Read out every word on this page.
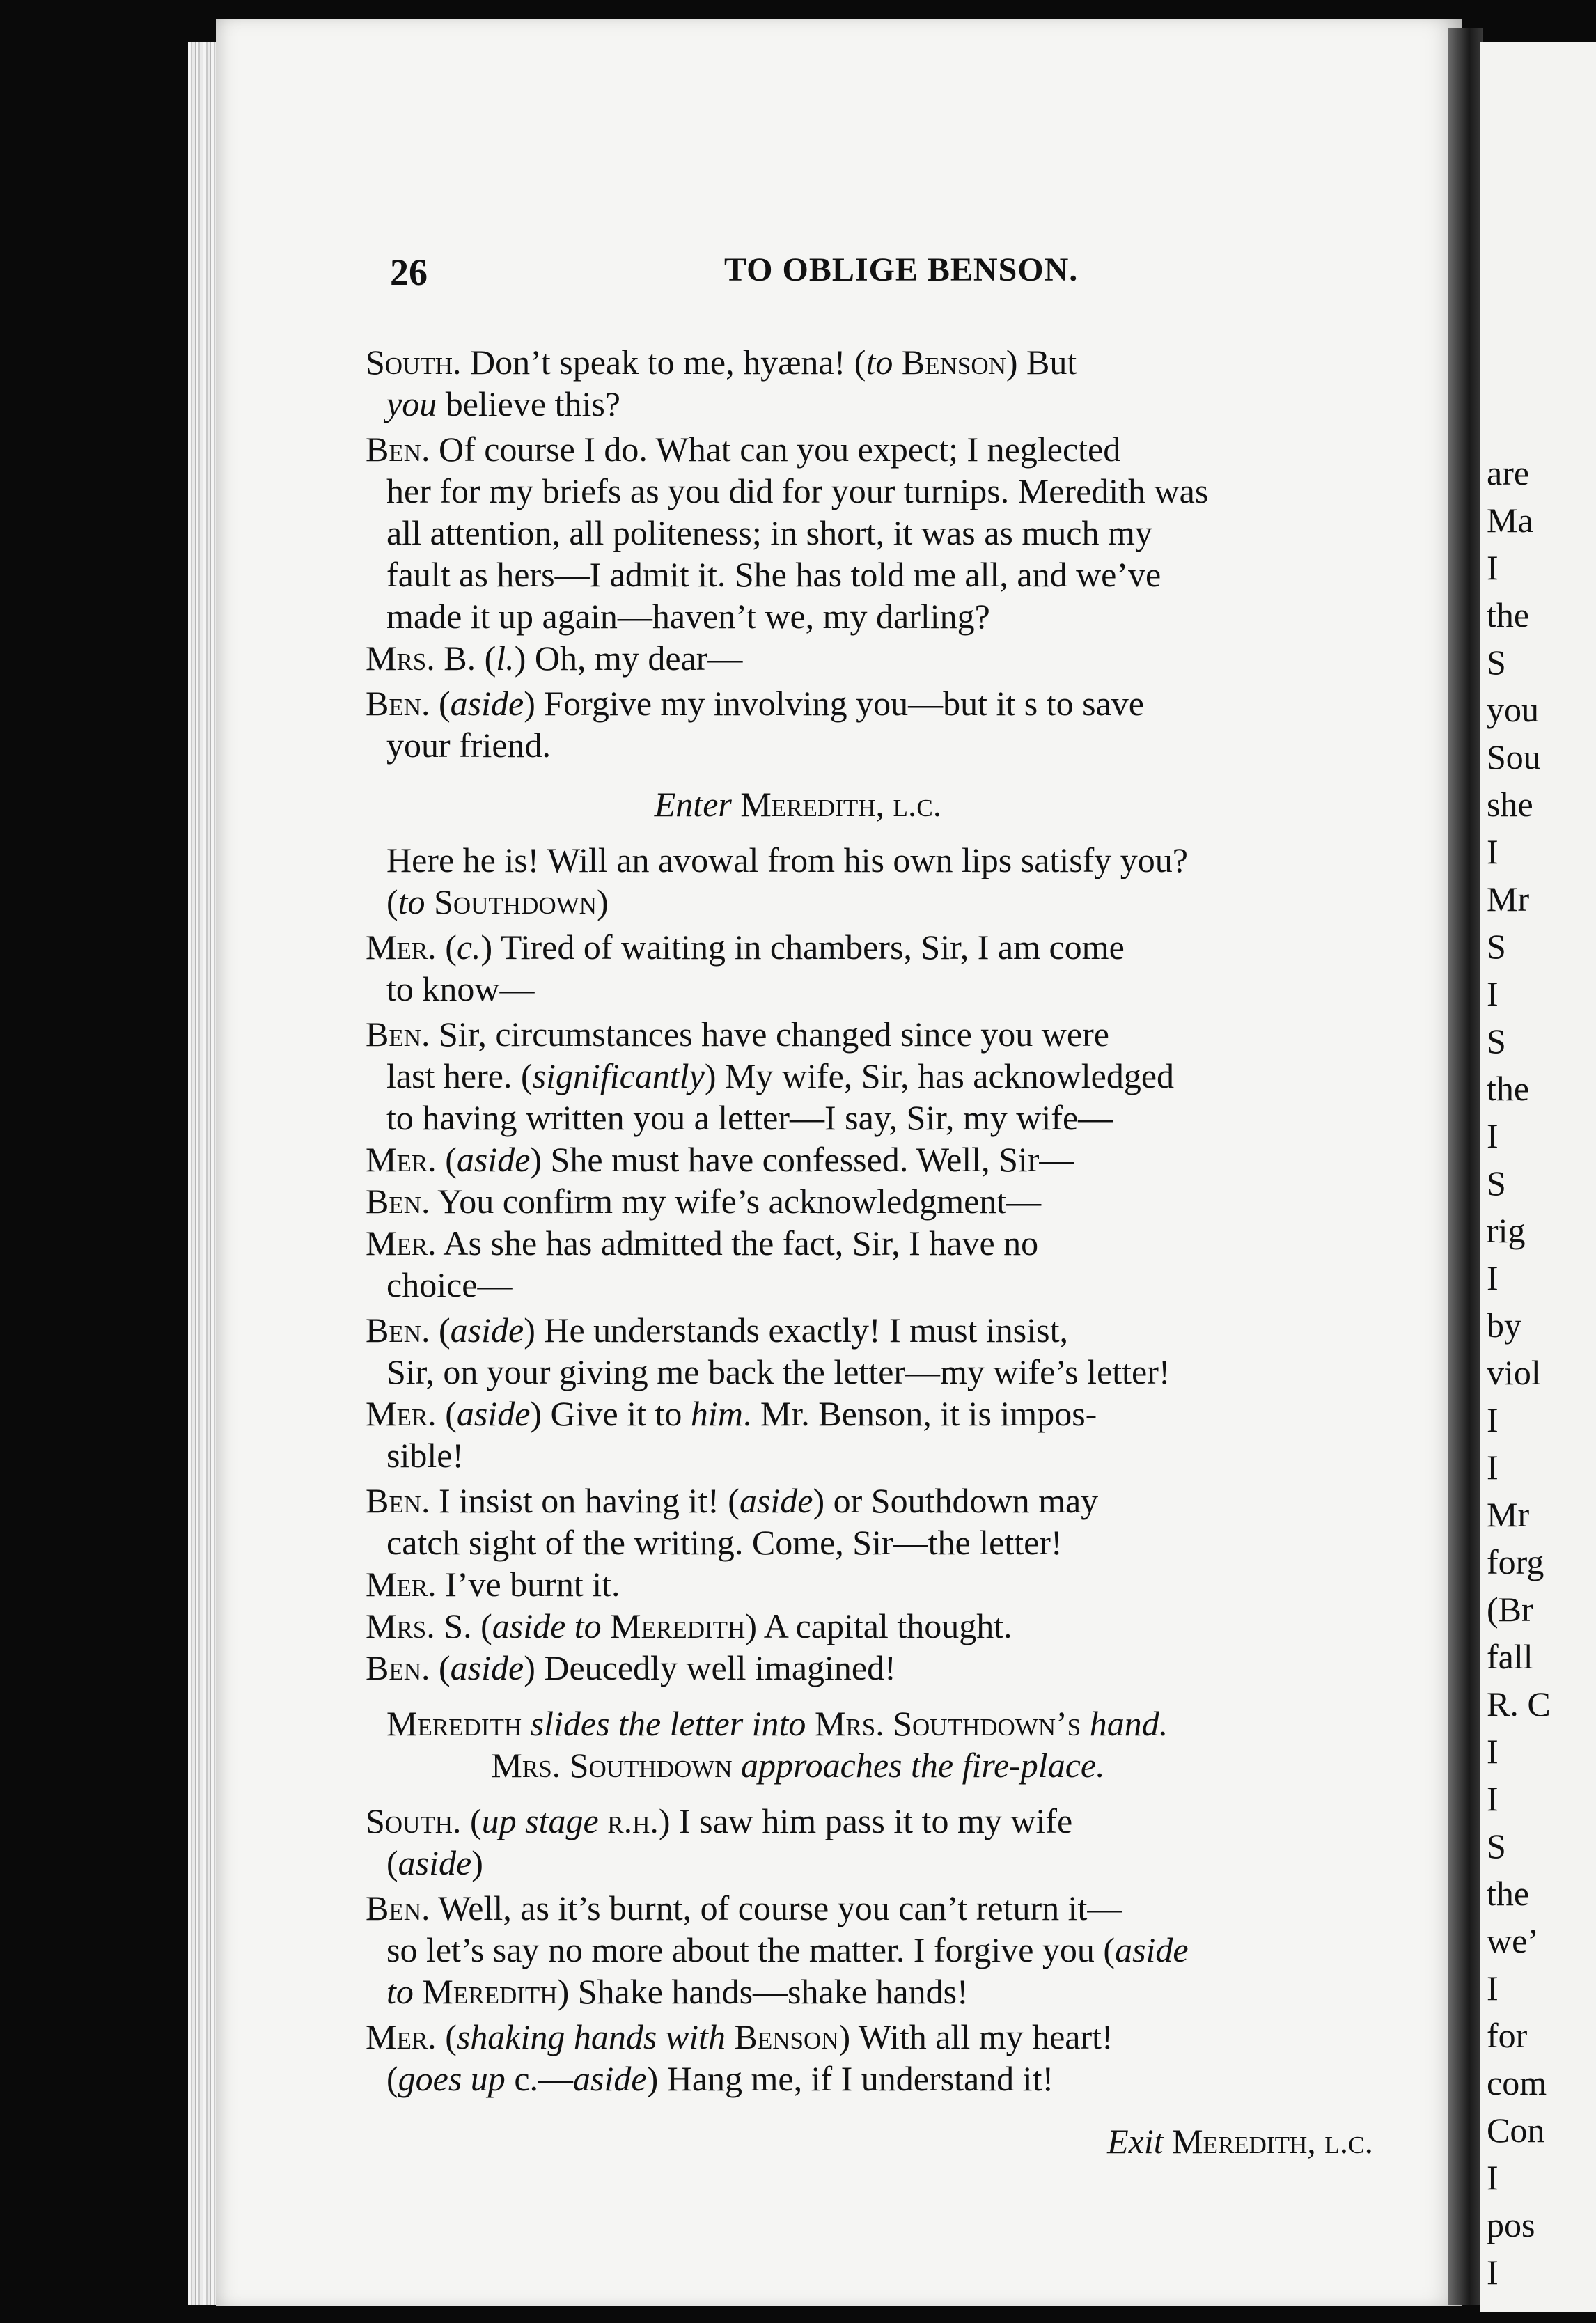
are
Ma
I
the
S
you
Sou
she
I
Mr
S
I
S
the
I
S
rig
I
by
viol
I
I
Mr
forg
(Br
fall
R. C
I
I
S
the
we’
I
for
com
Con
I
pos
I
26	TO OBLIGE BENSON.
South. Don’t speak to me, hyæna! (to Benson) But
you believe this?
Ben. Of course I do. What can you expect; I neglected
her for my briefs as you did for your turnips. Meredith was
all attention, all politeness; in short, it was as much my
fault as hers—I admit it. She has told me all, and we’ve
made it up again—haven’t we, my darling?
Mrs. B. (l.) Oh, my dear—
Ben. (aside) Forgive my involving you—but it s to save
your friend.
Enter Meredith, l.c.
Here he is! Will an avowal from his own lips satisfy you?
(to Southdown)
Mer. (c.) Tired of waiting in chambers, Sir, I am come
to know—
Ben. Sir, circumstances have changed since you were
last here. (significantly) My wife, Sir, has acknowledged
to having written you a letter—I say, Sir, my wife—
Mer. (aside) She must have confessed. Well, Sir—
Ben. You confirm my wife’s acknowledgment—
Mer. As she has admitted the fact, Sir, I have no
choice—
Ben. (aside) He understands exactly! I must insist,
Sir, on your giving me back the letter—my wife’s letter!
Mer. (aside) Give it to him. Mr. Benson, it is impos-
sible!
Ben. I insist on having it! (aside) or Southdown may
catch sight of the writing. Come, Sir—the letter!
Mer. I’ve burnt it.
Mrs. S. (aside to Meredith) A capital thought.
Ben. (aside) Deucedly well imagined!
Meredith slides the letter into Mrs. Southdown’s hand.
Mrs. Southdown approaches the fire-place.
South. (up stage r.h.) I saw him pass it to my wife
(aside)
Ben. Well, as it’s burnt, of course you can’t return it—
so let’s say no more about the matter. I forgive you (aside
to Meredith) Shake hands—shake hands!
Mer. (shaking hands with Benson) With all my heart!
(goes up c.—aside) Hang me, if I understand it!
Exit Meredith, l.c.
